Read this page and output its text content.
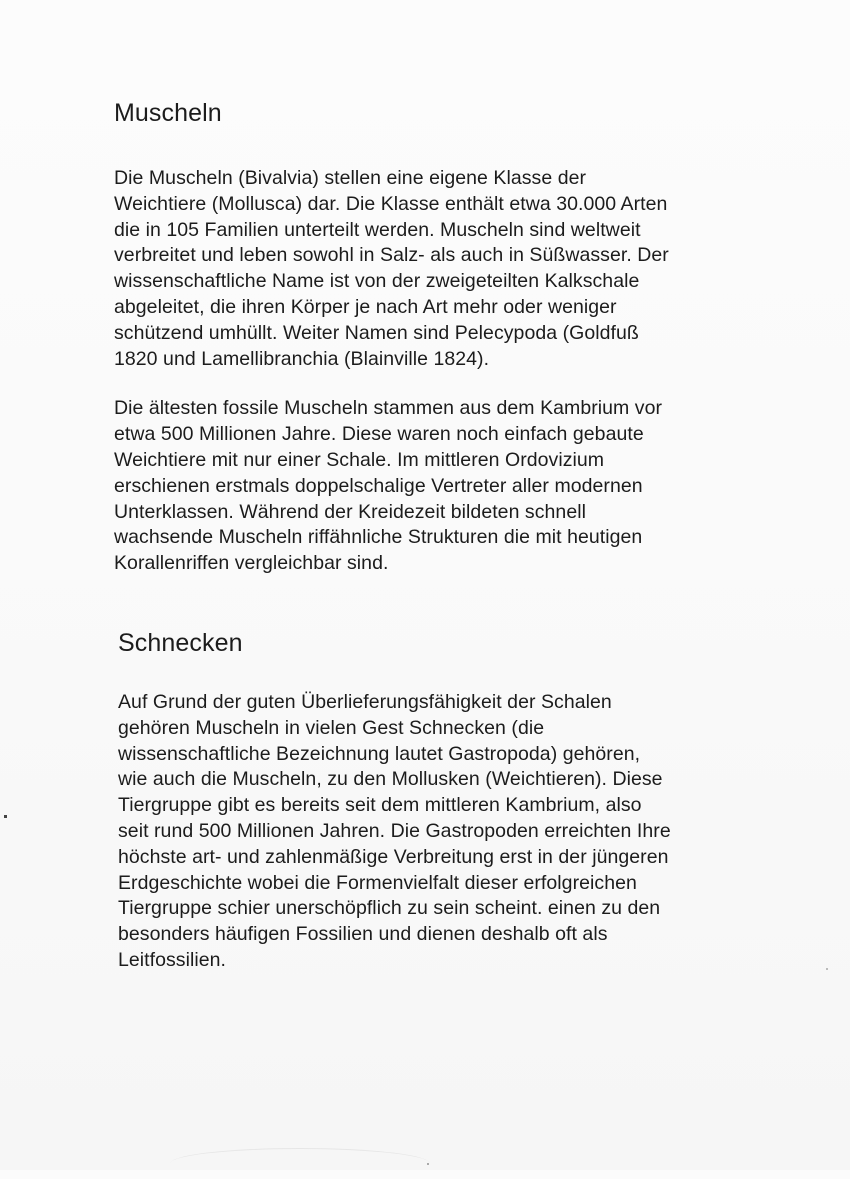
Muscheln

Die Muscheln (Bivalvia) stellen eine eigene Klasse der
Weichtiere (Mollusca) dar. Die Klasse enthält etwa 30.000 Arten
die in 105 Familien unterteilt werden. Muscheln sind weltweit
verbreitet und leben sowohl in Salz- als auch in Süßwasser. Der
wissenschaftliche Name ist von der zweigeteilten Kalkschale
abgeleitet, die ihren Körper je nach Art mehr oder weniger
schützend umhüllt. Weiter Namen sind Pelecypoda (Goldfuß
1820 und Lamellibranchia (Blainville 1824).

Die ältesten fossile Muscheln stammen aus dem Kambrium vor
etwa 500 Millionen Jahre. Diese waren noch einfach gebaute
Weichtiere mit nur einer Schale. Im mittleren Ordovizium
erschienen erstmals doppelschalige Vertreter aller modernen
Unterklassen. Während der Kreidezeit bildeten schnell
wachsende Muscheln riffähnliche Strukturen die mit heutigen
Korallenriffen vergleichbar sind.

Schnecken

Auf Grund der guten Überlieferungsfähigkeit der Schalen
gehören Muscheln in vielen Gest Schnecken (die
wissenschaftliche Bezeichnung lautet Gastropoda) gehören,
wie auch die Muscheln, zu den Mollusken (Weichtieren). Diese
Tiergruppe gibt es bereits seit dem mittleren Kambrium, also
seit rund 500 Millionen Jahren. Die Gastropoden erreichten Ihre
höchste art- und zahlenmäßige Verbreitung erst in der jüngeren
Erdgeschichte wobei die Formenvielfalt dieser erfolgreichen
Tiergruppe schier unerschöpflich zu sein scheint. einen zu den
besonders häufigen Fossilien und dienen deshalb oft als
Leitfossilien.
